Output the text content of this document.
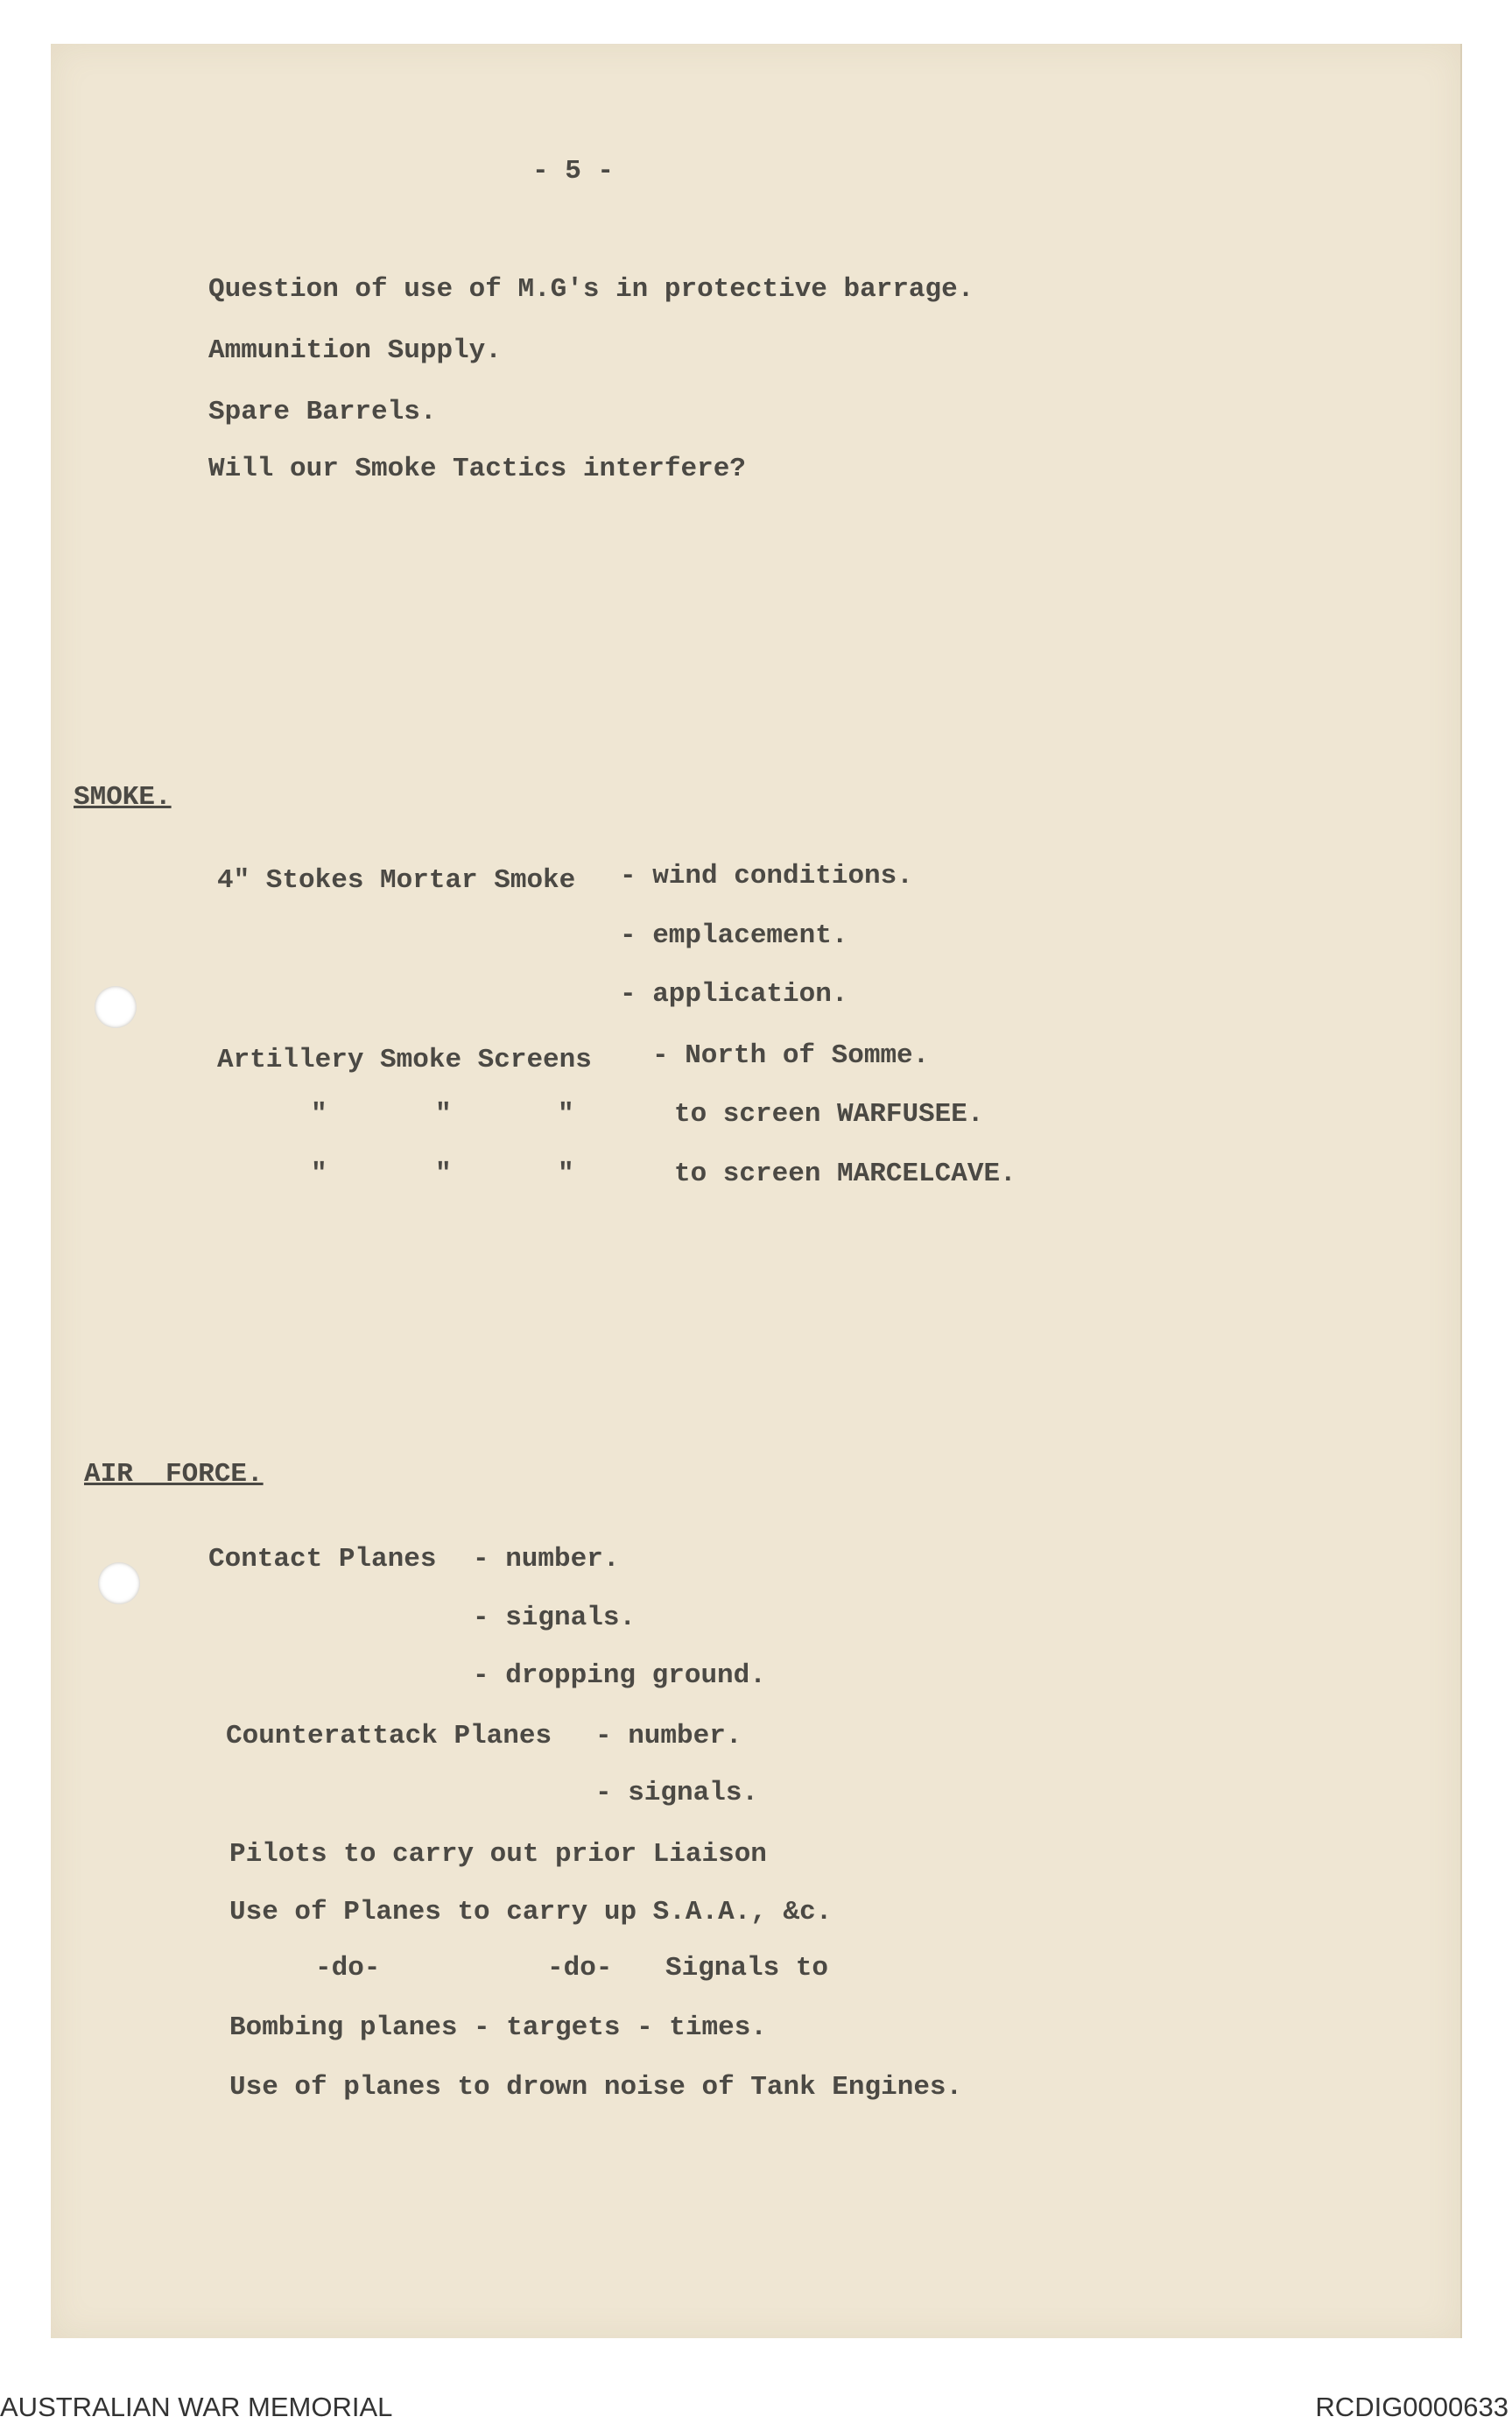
- 5 -
Question of use of M.G's in protective barrage.
Ammunition Supply.
Spare Barrels.
Will our Smoke Tactics interfere?
SMOKE.
4" Stokes Mortar Smoke - wind conditions.
- emplacement.
- application.
Artillery Smoke Screens - North of Somme.
"	"	"	to screen WARFUSEE.
"	"	"	to screen MARCELCAVE.
AIR  FORCE.
Contact Planes - number.
- signals.
- dropping ground.
Counterattack Planes - number.
- signals.
Pilots to carry out prior Liaison
Use of Planes to carry up S.A.A., &c.
-do-	-do- Signals to
Bombing planes - targets - times.
Use of planes to drown noise of Tank Engines.
AUSTRALIAN WAR MEMORIAL	RCDIG0000633
